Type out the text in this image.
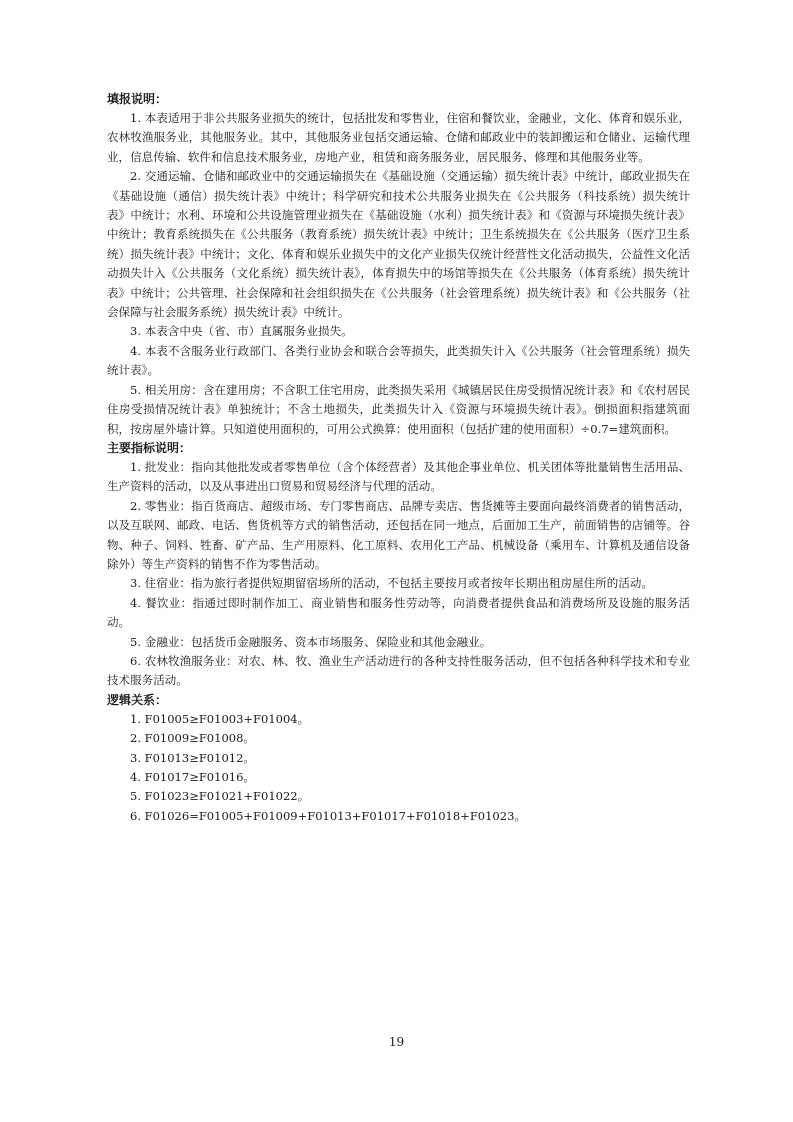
填报说明：

1. 本表适用于非公共服务业损失的统计，包括批发和零售业，住宿和餐饮业，金融业，文化、体育和娱乐业，农林牧渔服务业，其他服务业。其中，其他服务业包括交通运输、仓储和邮政业中的装卸搬运和仓储业、运输代理业，信息传输、软件和信息技术服务业，房地产业，租赁和商务服务业，居民服务、修理和其他服务业等。

2. 交通运输、仓储和邮政业中的交通运输损失在《基础设施（交通运输）损失统计表》中统计，邮政业损失在《基础设施（通信）损失统计表》中统计；科学研究和技术公共服务业损失在《公共服务（科技系统）损失统计表》中统计；水利、环境和公共设施管理业损失在《基础设施（水利）损失统计表》和《资源与环境损失统计表》中统计；教育系统损失在《公共服务（教育系统）损失统计表》中统计；卫生系统损失在《公共服务（医疗卫生系统）损失统计表》中统计；文化、体育和娱乐业损失中的文化产业损失仅统计经营性文化活动损失，公益性文化活动损失计入《公共服务（文化系统）损失统计表》，体育损失中的场馆等损失在《公共服务（体育系统）损失统计表》中统计；公共管理、社会保障和社会组织损失在《公共服务（社会管理系统）损失统计表》和《公共服务（社会保障与社会服务系统）损失统计表》中统计。

3. 本表含中央（省、市）直属服务业损失。

4. 本表不含服务业行政部门、各类行业协会和联合会等损失，此类损失计入《公共服务（社会管理系统）损失统计表》。

5. 相关用房：含在建用房；不含职工住宅用房，此类损失采用《城镇居民住房受损情况统计表》和《农村居民住房受损情况统计表》单独统计；不含土地损失，此类损失计入《资源与环境损失统计表》。倒损面积指建筑面积，按房屋外墙计算。只知道使用面积的，可用公式换算：使用面积（包括扩建的使用面积）÷0.7=建筑面积。

主要指标说明：

1. 批发业：指向其他批发或者零售单位（含个体经营者）及其他企事业单位、机关团体等批量销售生活用品、生产资料的活动，以及从事进出口贸易和贸易经济与代理的活动。

2. 零售业：指百货商店、超级市场、专门零售商店、品牌专卖店、售货摊等主要面向最终消费者的销售活动，以及互联网、邮政、电话、售货机等方式的销售活动，还包括在同一地点，后面加工生产，前面销售的店铺等。谷物、种子、饲料、牲畜、矿产品、生产用原料、化工原料、农用化工产品、机械设备（乘用车、计算机及通信设备除外）等生产资料的销售不作为零售活动。

3. 住宿业：指为旅行者提供短期留宿场所的活动，不包括主要按月或者按年长期出租房屋住所的活动。

4. 餐饮业：指通过即时制作加工、商业销售和服务性劳动等，向消费者提供食品和消费场所及设施的服务活动。

5. 金融业：包括货币金融服务、资本市场服务、保险业和其他金融业。

6. 农林牧渔服务业：对农、林、牧、渔业生产活动进行的各种支持性服务活动，但不包括各种科学技术和专业技术服务活动。

逻辑关系：

1. F01005≥F01003+F01004。

2. F01009≥F01008。

3. F01013≥F01012。

4. F01017≥F01016。

5. F01023≥F01021+F01022。

6. F01026=F01005+F01009+F01013+F01017+F01018+F01023。

19
